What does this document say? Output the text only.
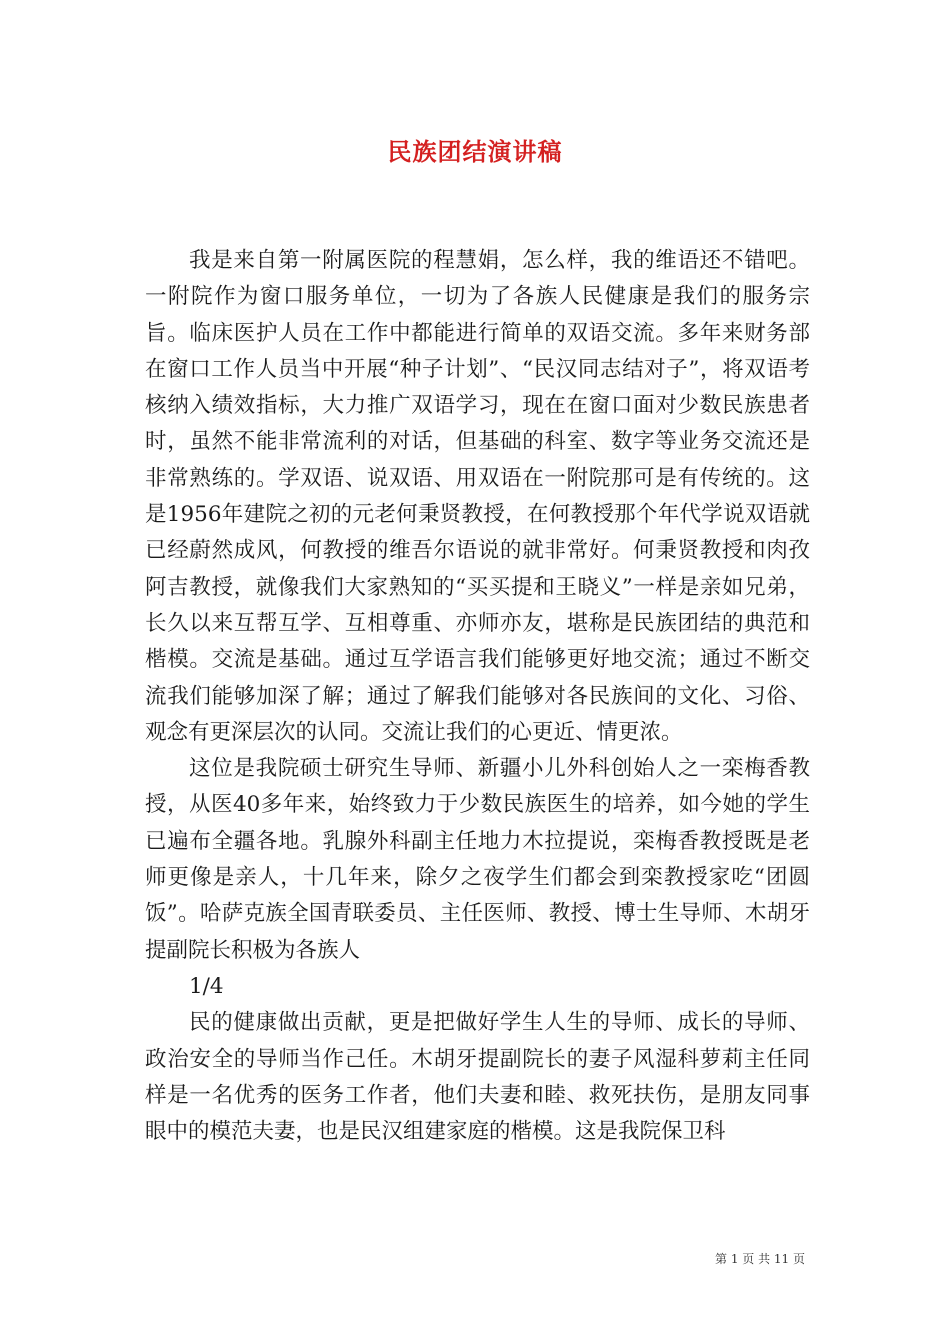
民族团结演讲稿

我是来自第一附属医院的程慧娟，怎么样，我的维语还不错吧。一附院作为窗口服务单位，一切为了各族人民健康是我们的服务宗旨。临床医护人员在工作中都能进行简单的双语交流。多年来财务部在窗口工作人员当中开展“种子计划”、“民汉同志结对子”，将双语考核纳入绩效指标，大力推广双语学习，现在在窗口面对少数民族患者时，虽然不能非常流利的对话，但基础的科室、数字等业务交流还是非常熟练的。学双语、说双语、用双语在一附院那可是有传统的。这是1956年建院之初的元老何秉贤教授，在何教授那个年代学说双语就已经蔚然成风，何教授的维吾尔语说的就非常好。何秉贤教授和肉孜阿吉教授，就像我们大家熟知的“买买提和王晓义”一样是亲如兄弟，长久以来互帮互学、互相尊重、亦师亦友，堪称是民族团结的典范和楷模。交流是基础。通过互学语言我们能够更好地交流；通过不断交流我们能够加深了解；通过了解我们能够对各民族间的文化、习俗、观念有更深层次的认同。交流让我们的心更近、情更浓。

这位是我院硕士研究生导师、新疆小儿外科创始人之一栾梅香教授，从医40多年来，始终致力于少数民族医生的培养，如今她的学生已遍布全疆各地。乳腺外科副主任地力木拉提说，栾梅香教授既是老师更像是亲人，十几年来，除夕之夜学生们都会到栾教授家吃“团圆饭”。哈萨克族全国青联委员、主任医师、教授、博士生导师、木胡牙提副院长积极为各族人

1/4

民的健康做出贡献，更是把做好学生人生的导师、成长的导师、政治安全的导师当作己任。木胡牙提副院长的妻子风湿科萝莉主任同样是一名优秀的医务工作者，他们夫妻和睦、救死扶伤，是朋友同事眼中的模范夫妻，也是民汉组建家庭的楷模。这是我院保卫科

第 1 页 共 11 页
